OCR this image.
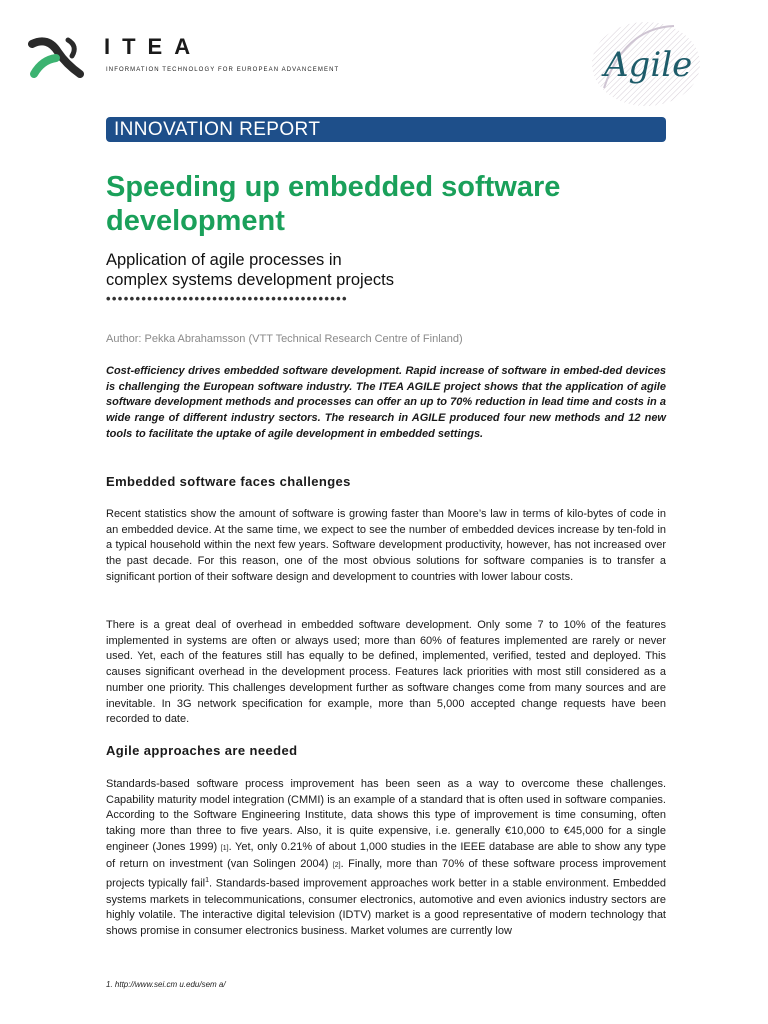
ITEA
INFORMATION TECHNOLOGY FOR EUROPEAN ADVANCEMENT	Agile
INNOVATION REPORT
Speeding up embedded software development
Application of agile processes in
complex systems development projects
•••••••••••••••••••••••••••••••••••••••••
Author: Pekka Abrahamsson (VTT Technical Research Centre of Finland)
Cost-efficiency drives embedded software development. Rapid increase of software in embed-ded devices is challenging the European software industry. The ITEA AGILE project shows that the application of agile software development methods and processes can offer an up to 70% reduction in lead time and costs in a wide range of different industry sectors. The research in AGILE produced four new methods and 12 new tools to facilitate the uptake of agile development in embedded settings.
Embedded software faces challenges
Recent statistics show the amount of software is growing faster than Moore’s law in terms of kilo-bytes of code in an embedded device. At the same time, we expect to see the number of embedded devices increase by ten-fold in a typical household within the next few years. Software development productivity, however, has not increased over the past decade. For this reason, one of the most obvious solutions for software companies is to transfer a significant portion of their software design and development to countries with lower labour costs.
There is a great deal of overhead in embedded software development. Only some 7 to 10% of the features implemented in systems are often or always used; more than 60% of features implemented are rarely or never used. Yet, each of the features still has equally to be defined, implemented, verified, tested and deployed. This causes significant overhead in the development process. Features lack priorities with most still considered as a number one priority. This challenges development further as software changes come from many sources and are inevitable. In 3G network specification for example, more than 5,000 accepted change requests have been recorded to date.
Agile approaches are needed
Standards-based software process improvement has been seen as a way to overcome these challenges. Capability maturity model integration (CMMI) is an example of a standard that is often used in software companies. According to the Software Engineering Institute, data shows this type of improvement is time consuming, often taking more than three to five years. Also, it is quite expensive, i.e. generally €10,000 to €45,000 for a single engineer (Jones 1999) [1]. Yet, only 0.21% of about 1,000 studies in the IEEE database are able to show any type of return on investment (van Solingen 2004) [2]. Finally, more than 70% of these software process improvement projects typically fail$^1$. Standards-based improvement approaches work better in a stable environment. Embedded systems markets in telecommunications, consumer electronics, automotive and even avionics industry sectors are highly volatile. The interactive digital television (IDTV) market is a good representative of modern technology that shows promise in consumer electronics business. Market volumes are currently low
1. http://www.sei.cm u.edu/sem a/
